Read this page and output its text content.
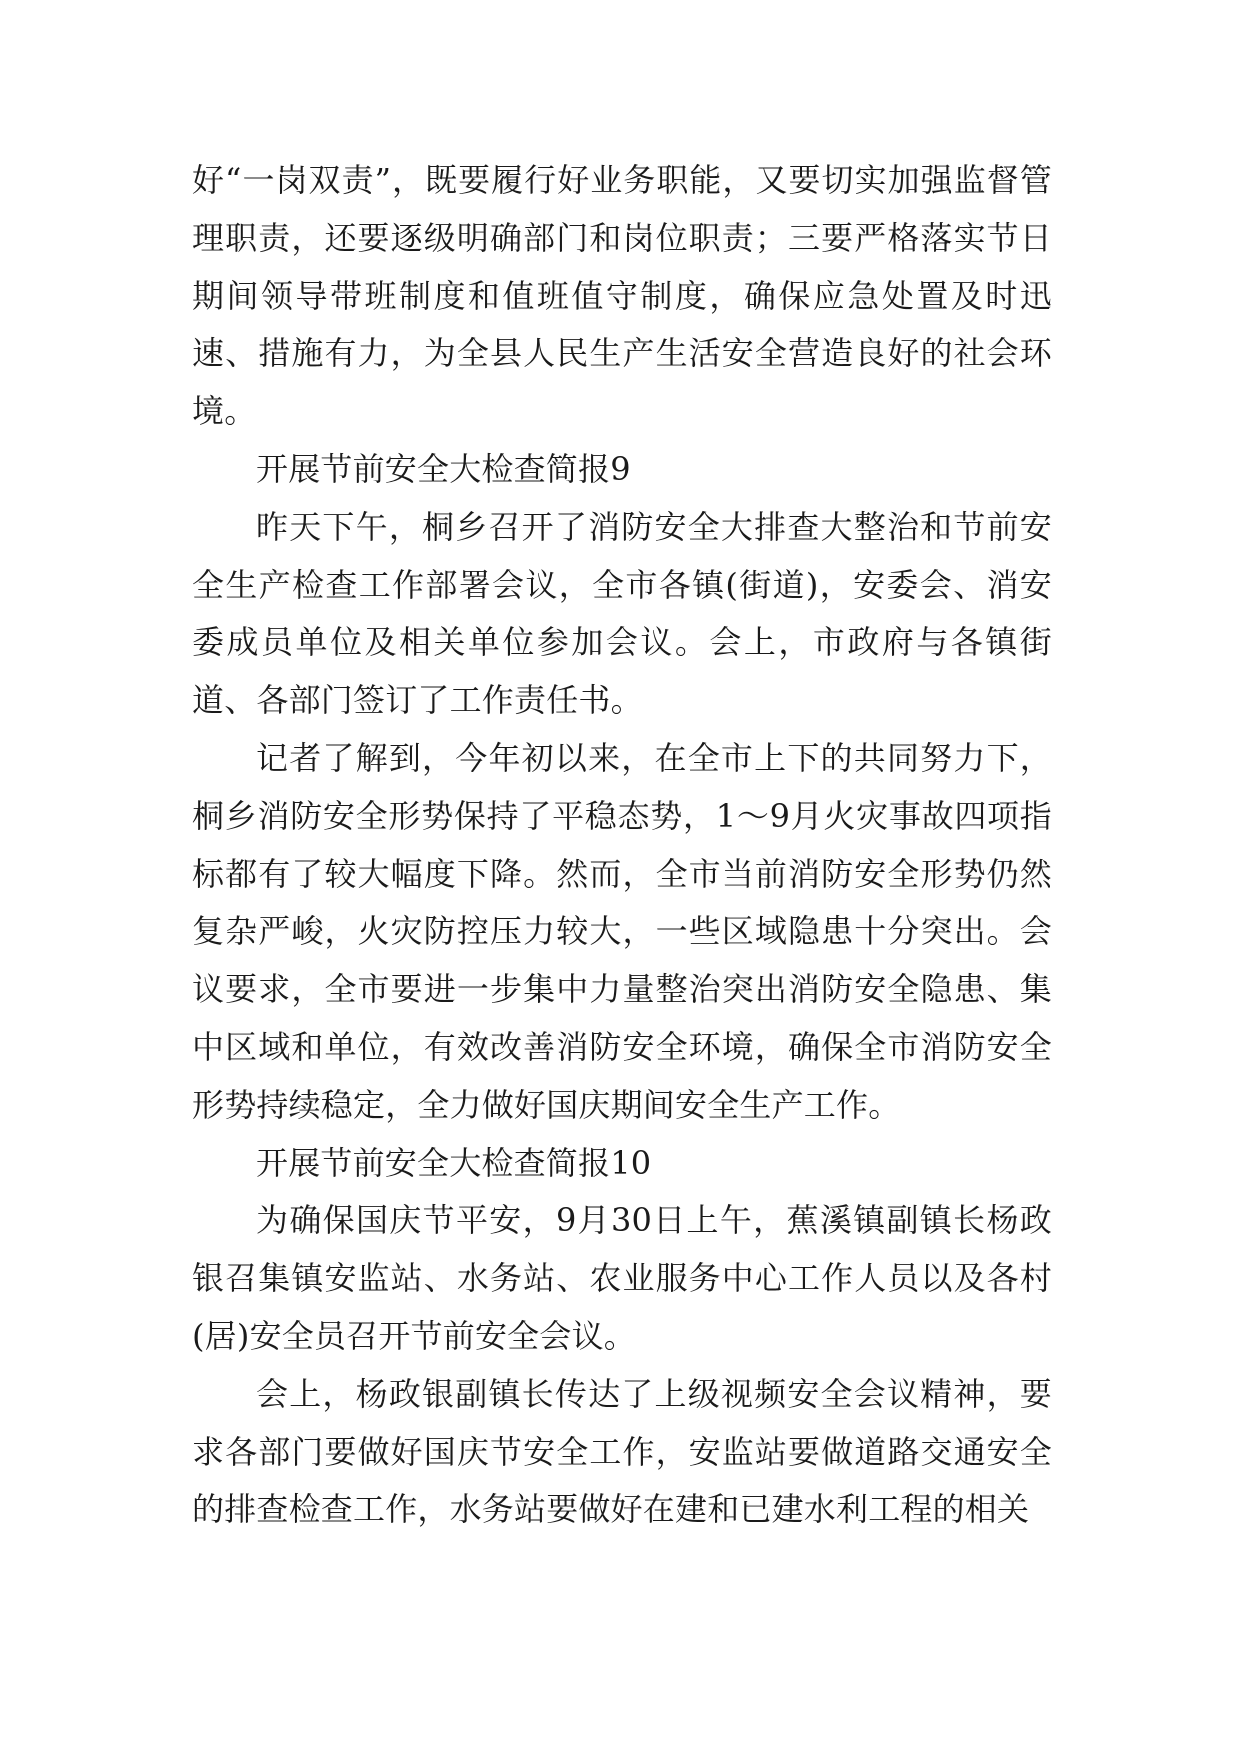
好“一岗双责”，既要履行好业务职能，又要切实加强监督管理职责，还要逐级明确部门和岗位职责；三要严格落实节日期间领导带班制度和值班值守制度，确保应急处置及时迅速、措施有力，为全县人民生产生活安全营造良好的社会环境。

开展节前安全大检查简报9

昨天下午，桐乡召开了消防安全大排查大整治和节前安全生产检查工作部署会议，全市各镇(街道)，安委会、消安委成员单位及相关单位参加会议。会上，市政府与各镇街道、各部门签订了工作责任书。

记者了解到，今年初以来，在全市上下的共同努力下，桐乡消防安全形势保持了平稳态势，1～9月火灾事故四项指标都有了较大幅度下降。然而，全市当前消防安全形势仍然复杂严峻，火灾防控压力较大，一些区域隐患十分突出。会议要求，全市要进一步集中力量整治突出消防安全隐患、集中区域和单位，有效改善消防安全环境，确保全市消防安全形势持续稳定，全力做好国庆期间安全生产工作。

开展节前安全大检查简报10

为确保国庆节平安，9月30日上午，蕉溪镇副镇长杨政银召集镇安监站、水务站、农业服务中心工作人员以及各村(居)安全员召开节前安全会议。

会上，杨政银副镇长传达了上级视频安全会议精神，要求各部门要做好国庆节安全工作，安监站要做道路交通安全的排查检查工作，水务站要做好在建和已建水利工程的相关
